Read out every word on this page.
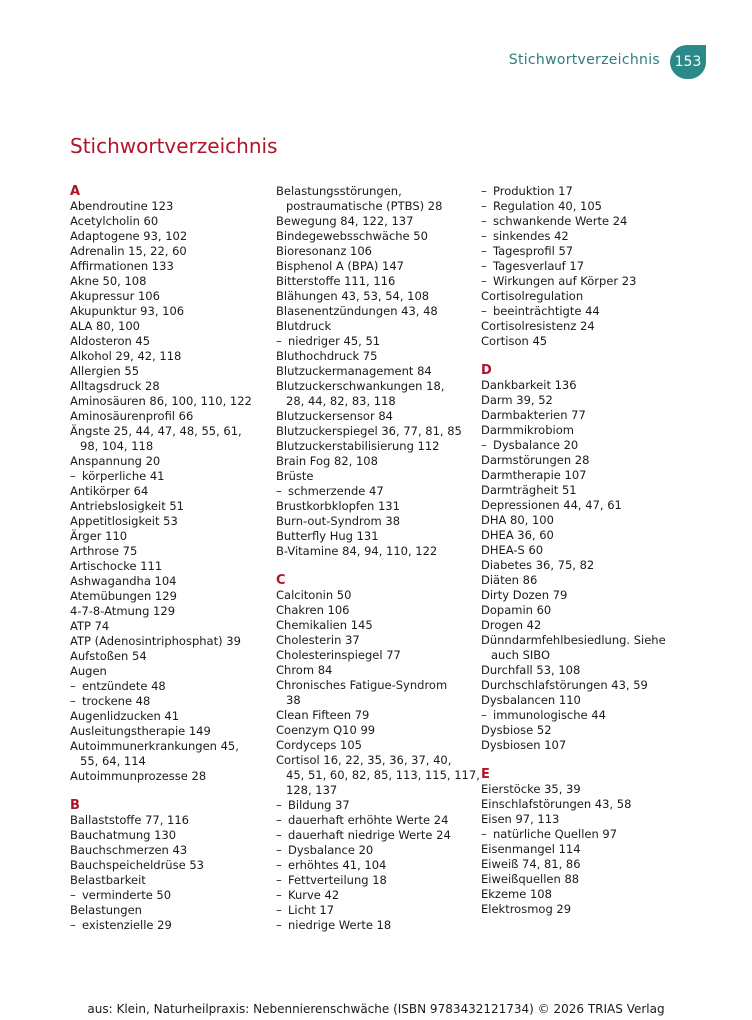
Stichwortverzeichnis	153
Stichwortverzeichnis
A
Abendroutine 123
Acetylcholin 60
Adaptogene 93, 102
Adrenalin 15, 22, 60
Affirmationen 133
Akne 50, 108
Akupressur 106
Akupunktur 93, 106
ALA 80, 100
Aldosteron 45
Alkohol 29, 42, 118
Allergien 55
Alltagsdruck 28
Aminosäuren 86, 100, 110, 122
Aminosäurenprofil 66
Ängste 25, 44, 47, 48, 55, 61,
98, 104, 118
Anspannung 20
– körperliche 41
Antikörper 64
Antriebslosigkeit 51
Appetitlosigkeit 53
Ärger 110
Arthrose 75
Artischocke 111
Ashwagandha 104
Atemübungen 129
4-7-8-Atmung 129
ATP 74
ATP (Adenosintriphosphat) 39
Aufstoßen 54
Augen
– entzündete 48
– trockene 48
Augenlidzucken 41
Ausleitungstherapie 149
Autoimmunerkrankungen 45,
55, 64, 114
Autoimmunprozesse 28
B
Ballaststoffe 77, 116
Bauchatmung 130
Bauchschmerzen 43
Bauchspeicheldrüse 53
Belastbarkeit
– verminderte 50
Belastungen
– existenzielle 29
Belastungsstörungen,
postraumatische (PTBS) 28
Bewegung 84, 122, 137
Bindegewebsschwäche 50
Bioresonanz 106
Bisphenol A (BPA) 147
Bitterstoffe 111, 116
Blähungen 43, 53, 54, 108
Blasenentzündungen 43, 48
Blutdruck
– niedriger 45, 51
Bluthochdruck 75
Blutzuckermanagement 84
Blutzuckerschwankungen 18,
28, 44, 82, 83, 118
Blutzuckersensor 84
Blutzuckerspiegel 36, 77, 81, 85
Blutzuckerstabilisierung 112
Brain Fog 82, 108
Brüste
– schmerzende 47
Brustkorbklopfen 131
Burn-out-Syndrom 38
Butterfly Hug 131
B-Vitamine 84, 94, 110, 122
C
Calcitonin 50
Chakren 106
Chemikalien 145
Cholesterin 37
Cholesterinspiegel 77
Chrom 84
Chronisches Fatigue-Syndrom
38
Clean Fifteen 79
Coenzym Q10 99
Cordyceps 105
Cortisol 16, 22, 35, 36, 37, 40,
45, 51, 60, 82, 85, 113, 115, 117,
128, 137
– Bildung 37
– dauerhaft erhöhte Werte 24
– dauerhaft niedrige Werte 24
– Dysbalance 20
– erhöhtes 41, 104
– Fettverteilung 18
– Kurve 42
– Licht 17
– niedrige Werte 18
– Produktion 17
– Regulation 40, 105
– schwankende Werte 24
– sinkendes 42
– Tagesprofil 57
– Tagesverlauf 17
– Wirkungen auf Körper 23
Cortisolregulation
– beeinträchtigte 44
Cortisolresistenz 24
Cortison 45
D
Dankbarkeit 136
Darm 39, 52
Darmbakterien 77
Darmmikrobiom
– Dysbalance 20
Darmstörungen 28
Darmtherapie 107
Darmträgheit 51
Depressionen 44, 47, 61
DHA 80, 100
DHEA 36, 60
DHEA-S 60
Diabetes 36, 75, 82
Diäten 86
Dirty Dozen 79
Dopamin 60
Drogen 42
Dünndarmfehlbesiedlung. Siehe
auch SIBO
Durchfall 53, 108
Durchschlafstörungen 43, 59
Dysbalancen 110
– immunologische 44
Dysbiose 52
Dysbiosen 107
E
Eierstöcke 35, 39
Einschlafstörungen 43, 58
Eisen 97, 113
– natürliche Quellen 97
Eisenmangel 114
Eiweiß 74, 81, 86
Eiweißquellen 88
Ekzeme 108
Elektrosmog 29
aus: Klein, Naturheilpraxis: Nebennierenschwäche (ISBN 9783432121734) © 2026 TRIAS Verlag
